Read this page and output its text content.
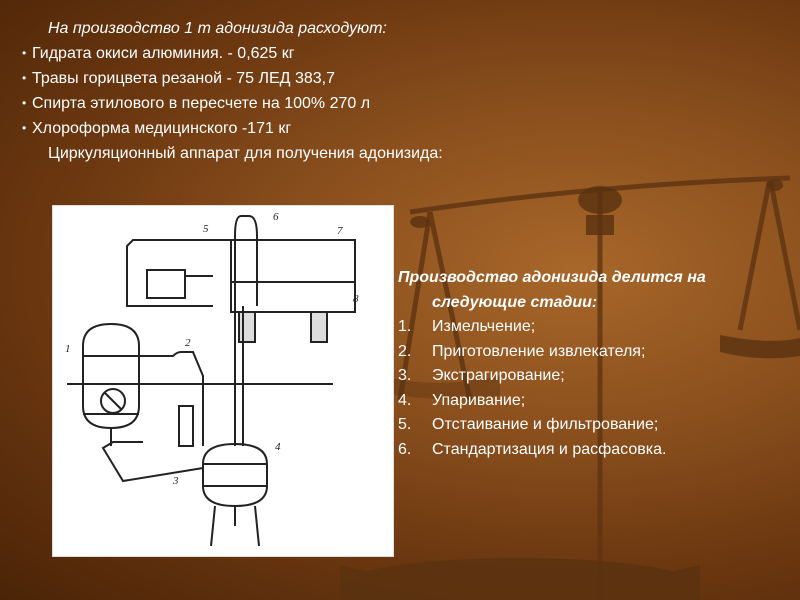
На производство 1 т адонизида расходуют:
• Гидрата окиси алюминия. - 0,625 кг
• Травы горицвета резаной - 75 ЛЕД 383,7
• Спирта этилового в пересчете на 100% 270 л
• Хлороформа медицинского -171 кг
Циркуляционный аппарат для получения адонизида:
1	2
3
4
5
6
7
8
Производство адонизида делится на
следующие стадии:
1.	Измельчение;
2.	Приготовление извлекателя;
3.	Экстрагирование;
4.	Упаривание;
5.	Отстаивание и фильтрование;
6.	Стандартизация и расфасовка.
